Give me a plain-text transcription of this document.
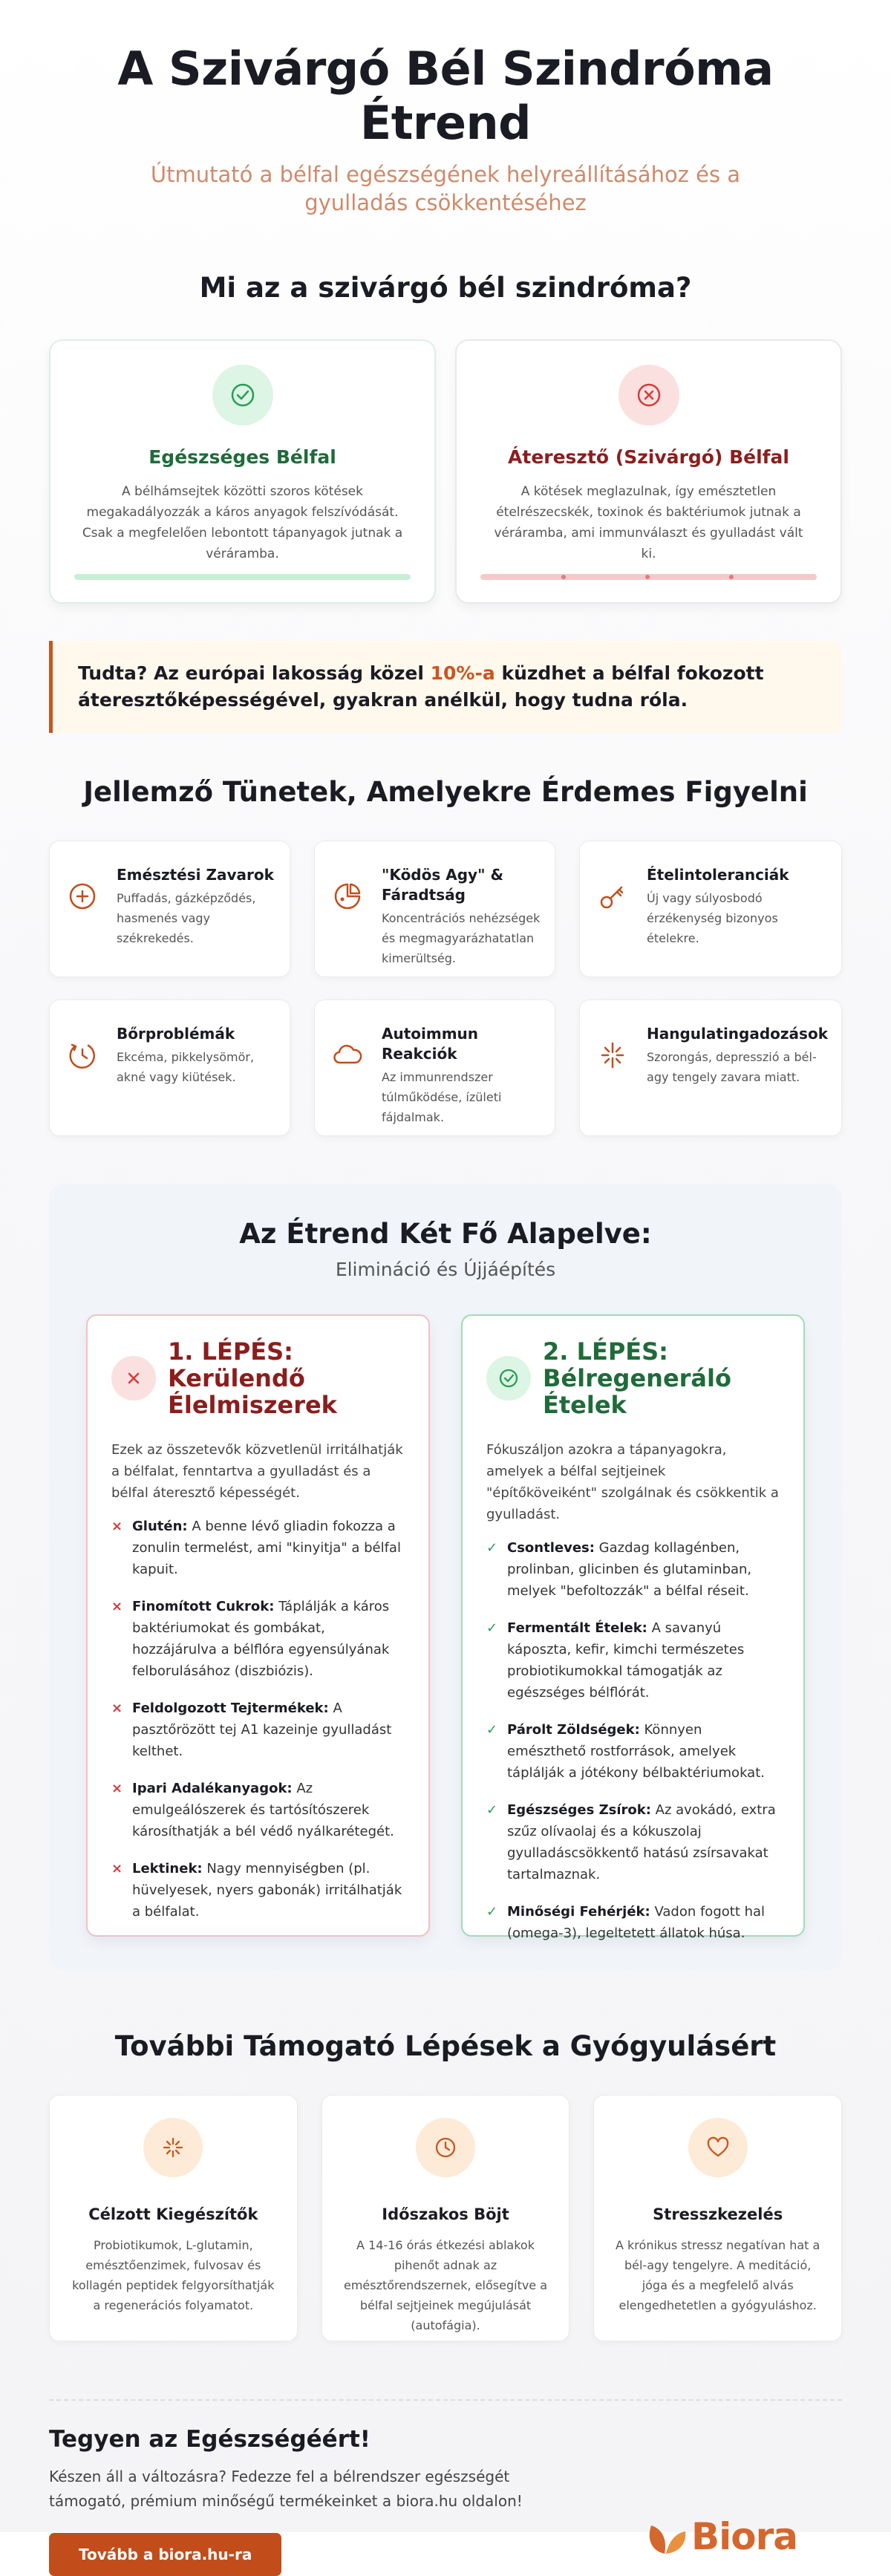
A Szivárgó Bél Szindróma Étrend

Útmutató a bélfal egészségének helyreállításához és a gyulladás csökkentéséhez

Mi az a szivárgó bél szindróma?
Egészséges Bélfal
A bélhámsejtek közötti szoros kötések megakadályozzák a káros anyagok felszívódását. Csak a megfelelően lebontott tápanyagok jutnak a véráramba.
Áteresztő (Szivárgó) Bélfal
A kötések meglazulnak, így emésztetlen ételrészecskék, toxinok és baktériumok jutnak a véráramba, ami immunválaszt és gyulladást vált ki.
Tudta? Az európai lakosság közel 10%-a küzdhet a bélfal fokozott áteresztőképességével, gyakran anélkül, hogy tudna róla.
Jellemző Tünetek, Amelyekre Érdemes Figyelni
Emésztési Zavarok
Puffadás, gázképződés, hasmenés vagy székrekedés.
"Ködös Agy" & Fáradtság
Koncentrációs nehézségek és megmagyarázhatatlan kimerültség.
Ételintoleranciák
Új vagy súlyosbodó érzékenység bizonyos ételekre.
Bőrproblémák
Ekcéma, pikkelysömör, akné vagy kiütések.
Autoimmun Reakciók
Az immunrendszer túlműködése, ízületi fájdalmak.
Hangulatingadozások
Szorongás, depresszió a bél-agy tengely zavara miatt.
Az Étrend Két Fő Alapelve:

Elimináció és Újjáépítés

1. LÉPÉS: Kerülendő Élelmiszerek

Ezek az összetevők közvetlenül irritálhatják a bélfalat, fenntartva a gyulladást és a bélfal áteresztő képességét.

× Glutén: A benne lévő gliadin fokozza a zonulin termelést, ami "kinyitja" a bélfal kapuit.
× Finomított Cukrok: Táplálják a káros baktériumokat és gombákat, hozzájárulva a bélflóra egyensúlyának felborulásához (diszbiózis).
× Feldolgozott Tejtermékek: A pasztőrözött tej A1 kazeinje gyulladást kelthet.
× Ipari Adalékanyagok: Az emulgeálószerek és tartósítószerek károsíthatják a bél védő nyálkarétegét.
× Lektinek: Nagy mennyiségben (pl. hüvelyesek, nyers gabonák) irritálhatják a bélfalat.
2. LÉPÉS: Bélregeneráló Ételek

Fókuszáljon azokra a tápanyagokra, amelyek a bélfal sejtjeinek "építőköveiként" szolgálnak és csökkentik a gyulladást.

✓ Csontleves: Gazdag kollagénben, prolinban, glicinben és glutaminban, melyek "befoltozzák" a bélfal réseit.
✓ Fermentált Ételek: A savanyú káposzta, kefir, kimchi természetes probiotikumokkal támogatják az egészséges bélflórát.
✓ Párolt Zöldségek: Könnyen emészthető rostforrások, amelyek táplálják a jótékony bélbaktériumokat.
✓ Egészséges Zsírok: Az avokádó, extra szűz olívaolaj és a kókuszolaj gyulladáscsökkentő hatású zsírsavakat tartalmaznak.
✓ Minőségi Fehérjék: Vadon fogott hal (omega-3), legeltetett állatok húsa.
További Támogató Lépések a Gyógyulásért
Célzott Kiegészítők
Probiotikumok, L-glutamin, emésztőenzimek, fulvosav és kollagén peptidek felgyorsíthatják a regenerációs folyamatot.
Időszakos Böjt
A 14-16 órás étkezési ablakok pihenőt adnak az emésztőrendszernek, elősegítve a bélfal sejtjeinek megújulását (autofágia).
Stresszkezelés
A krónikus stressz negatívan hat a bél-agy tengelyre. A meditáció, jóga és a megfelelő alvás elengedhetetlen a gyógyuláshoz.
Tegyen az Egészségéért!

Készen áll a változásra? Fedezze fel a bélrendszer egészségét támogató, prémium minőségű termékeinket a biora.hu oldalon!

Tovább a biora.hu-ra	Biora
